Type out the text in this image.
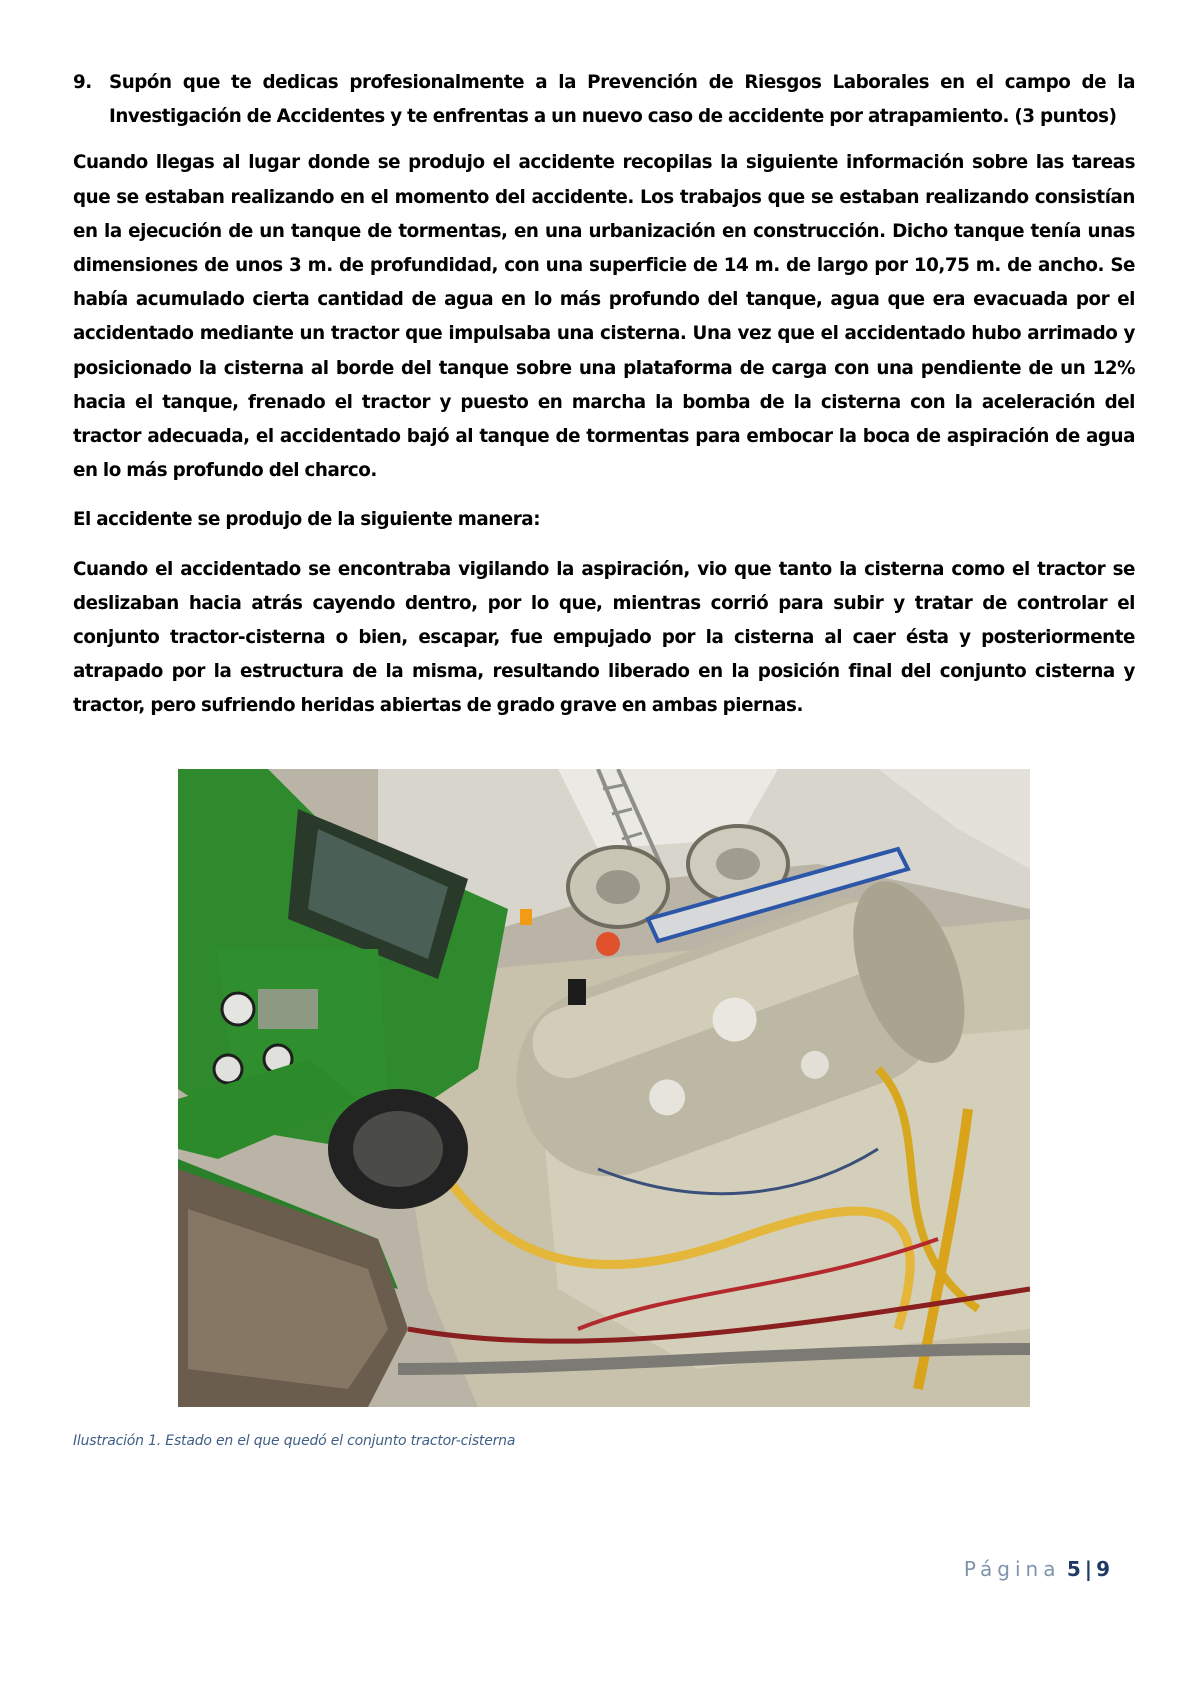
9. Supón que te dedicas profesionalmente a la Prevención de Riesgos Laborales en el campo de la Investigación de Accidentes y te enfrentas a un nuevo caso de accidente por atrapamiento. (3 puntos)

Cuando llegas al lugar donde se produjo el accidente recopilas la siguiente información sobre las tareas que se estaban realizando en el momento del accidente. Los trabajos que se estaban realizando consistían en la ejecución de un tanque de tormentas, en una urbanización en construcción. Dicho tanque tenía unas dimensiones de unos 3 m. de profundidad, con una superficie de 14 m. de largo por 10,75 m. de ancho. Se había acumulado cierta cantidad de agua en lo más profundo del tanque, agua que era evacuada por el accidentado mediante un tractor que impulsaba una cisterna. Una vez que el accidentado hubo arrimado y posicionado la cisterna al borde del tanque sobre una plataforma de carga con una pendiente de un 12% hacia el tanque, frenado el tractor y puesto en marcha la bomba de la cisterna con la aceleración del tractor adecuada, el accidentado bajó al tanque de tormentas para embocar la boca de aspiración de agua en lo más profundo del charco.

El accidente se produjo de la siguiente manera:

Cuando el accidentado se encontraba vigilando la aspiración, vio que tanto la cisterna como el tractor se deslizaban hacia atrás cayendo dentro, por lo que, mientras corrió para subir y tratar de controlar el conjunto tractor-cisterna o bien, escapar, fue empujado por la cisterna al caer ésta y posteriormente atrapado por la estructura de la misma, resultando liberado en la posición final del conjunto cisterna y tractor, pero sufriendo heridas abiertas de grado grave en ambas piernas.

Ilustración 1. Estado en el que quedó el conjunto tractor-cisterna
Página 5 | 9
